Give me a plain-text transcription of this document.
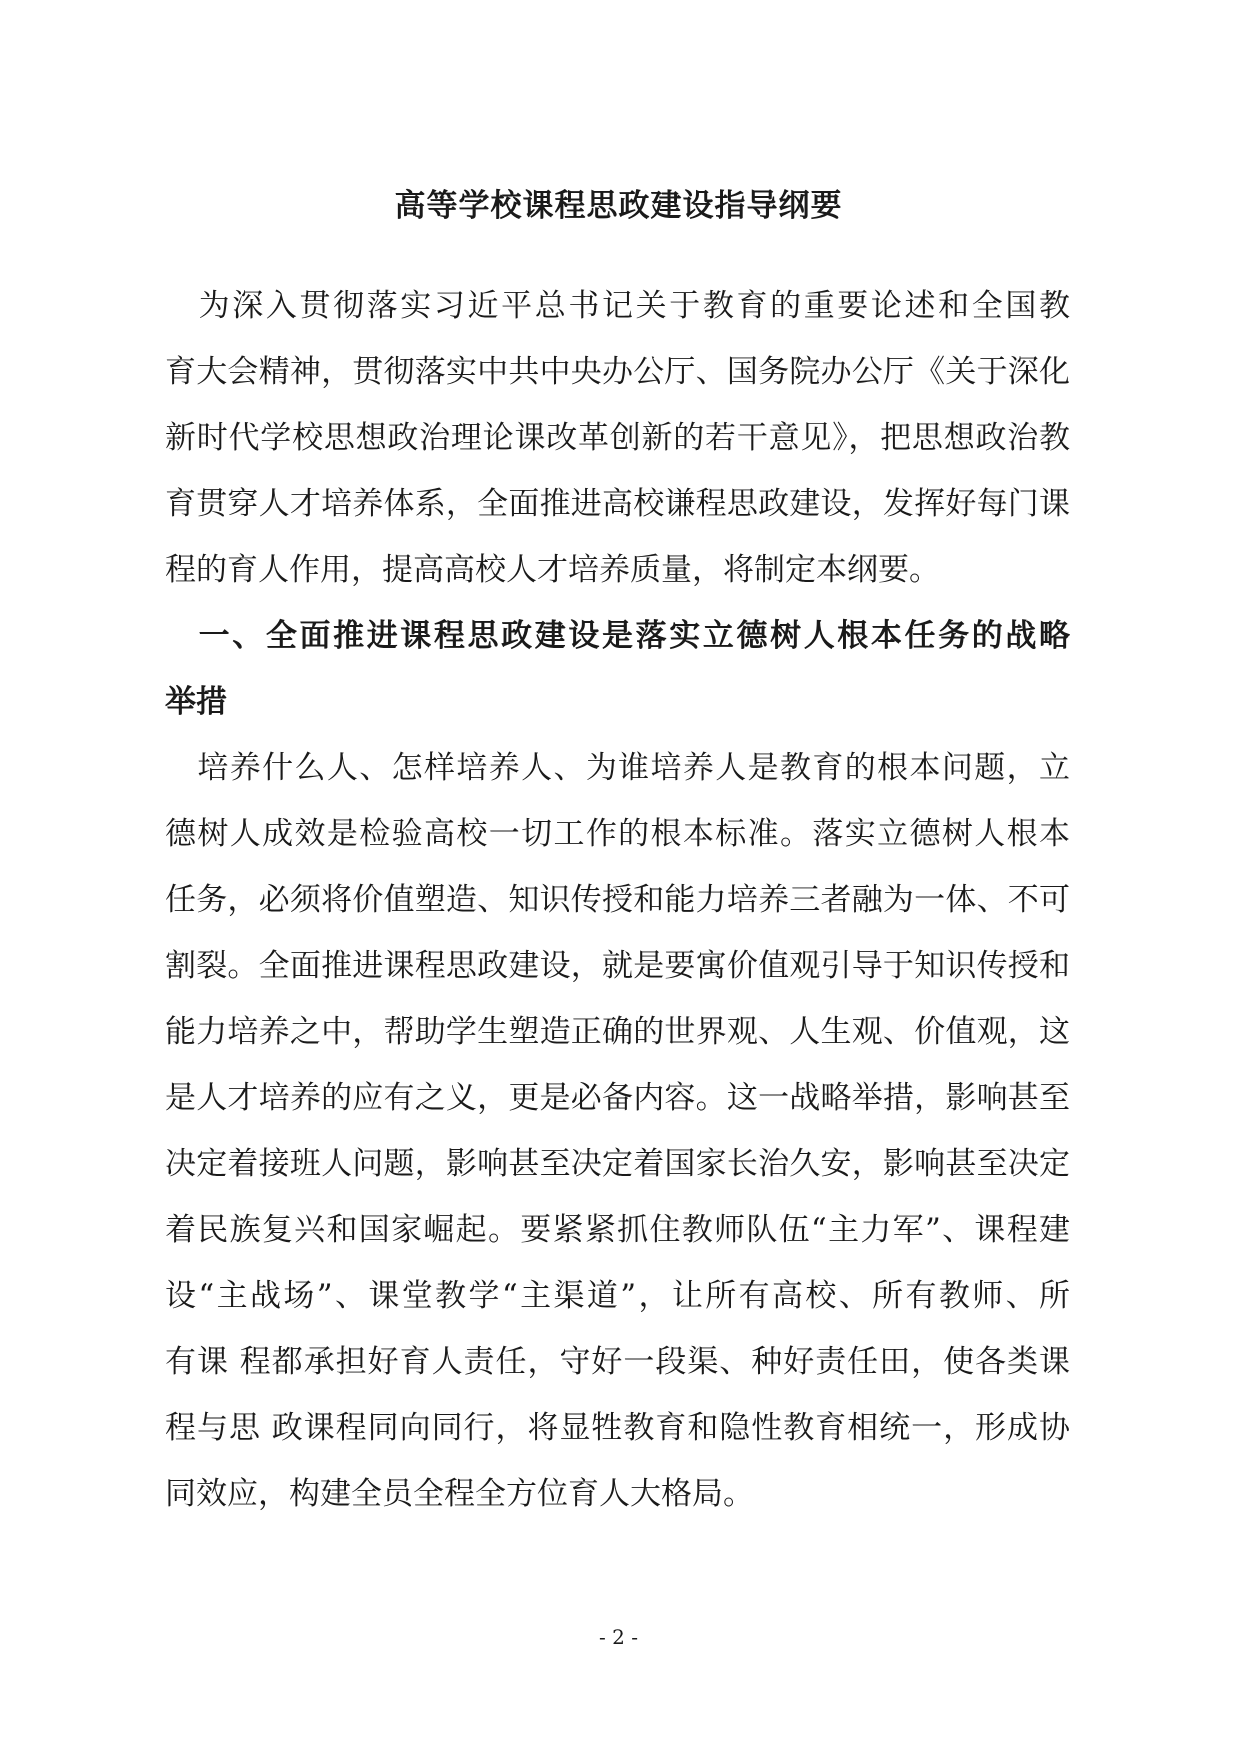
高等学校课程思政建设指导纲要
　为深入贯彻落实习近平总书记关于教育的重要论述和全国教
育大会精神，贯彻落实中共中央办公厅、国务院办公厅《关于深化
新时代学校思想政治理论课改革创新的若干意见》，把思想政治教
育贯穿人才培养体系，全面推进高校谦程思政建设，发挥好每门课
程的育人作用，提高高校人才培养质量，将制定本纲要。
　一、全面推进课程思政建设是落实立德树人根本任务的战略
举措
　培养什么人、怎样培养人、为谁培养人是教育的根本问题，立
德树人成效是检验高校一切工作的根本标准。落实立德树人根本
任务，必须将价值塑造、知识传授和能力培养三者融为一体、不可
割裂。全面推进课程思政建设，就是要寓价值观引导于知识传授和
能力培养之中，帮助学生塑造正确的世界观、人生观、价值观，这
是人才培养的应有之义，更是必备内容。这一战略举措，影响甚至
决定着接班人问题，影响甚至决定着国家长治久安，影响甚至决定
着民族复兴和国家崛起。要紧紧抓住教师队伍“主力军”、课程建
设“主战场”、课堂教学“主渠道”，让所有高校、所有教师、所
有课 程都承担好育人责任，守好一段渠、种好责任田，使各类课
程与思 政课程同向同行，将显牲教育和隐性教育相统一，形成协
同效应，构建全员全程全方位育人大格局。
- 2 -
